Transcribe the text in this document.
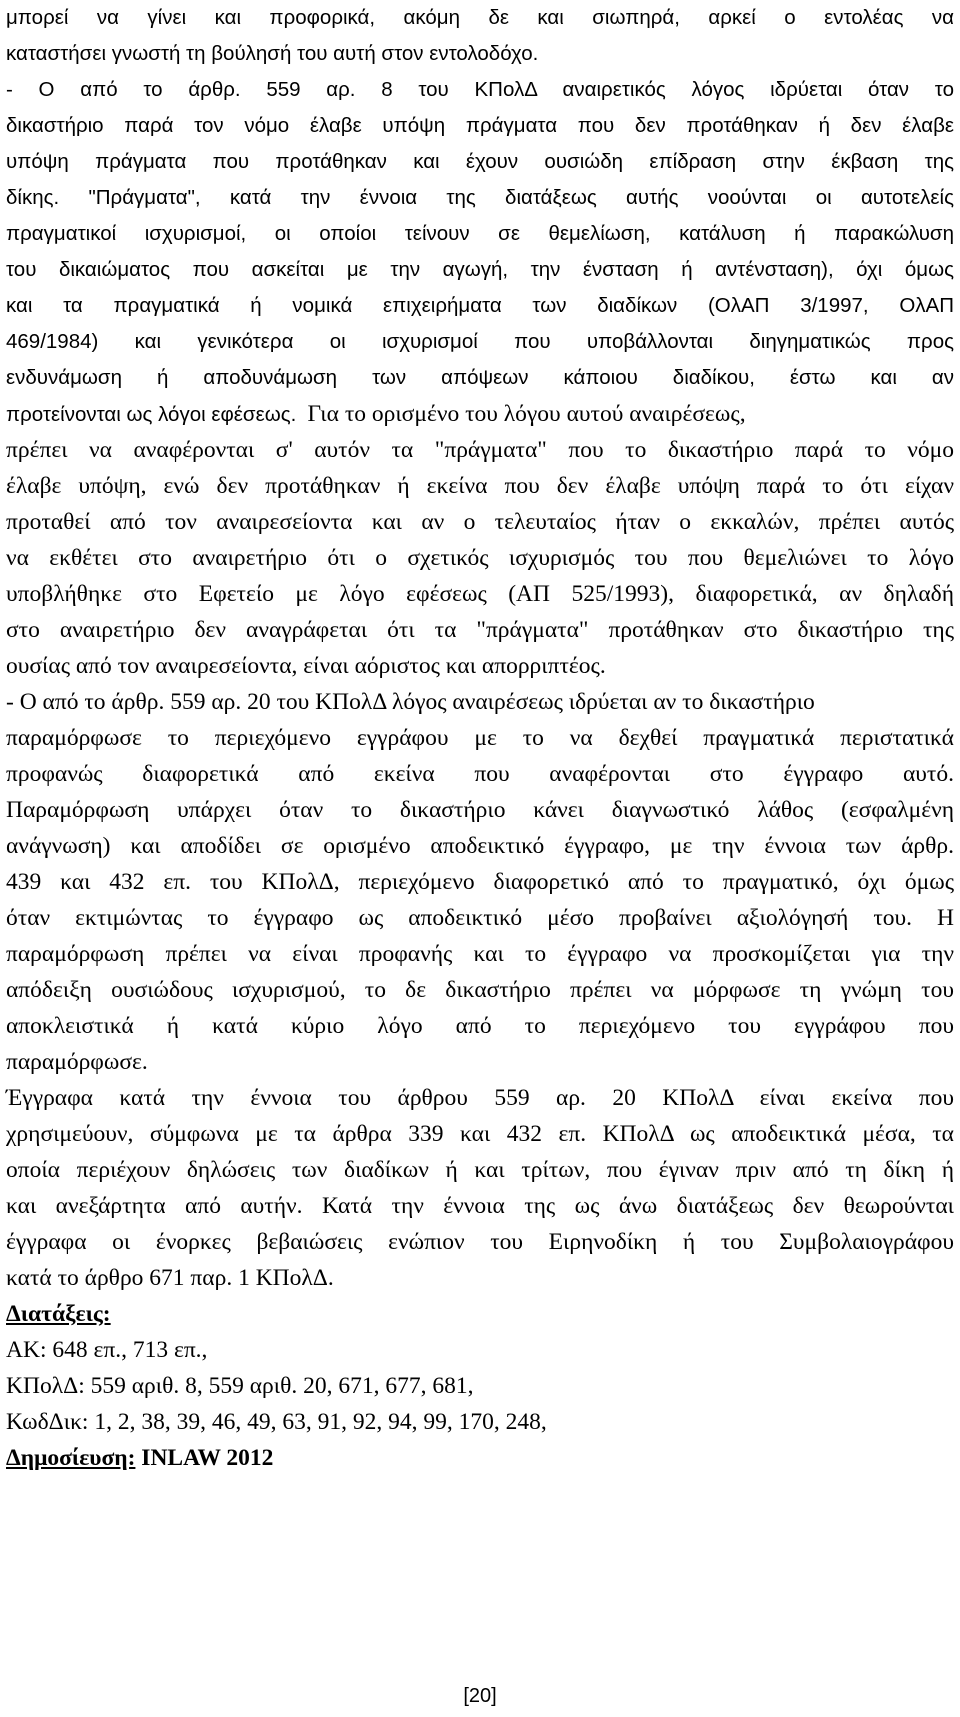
μπορεί να γίνει και προφορικά, ακόμη δε και σιωπηρά, αρκεί ο εντολέας να
καταστήσει γνωστή τη βούλησή του αυτή στον εντολοδόχο.
- Ο από το άρθρ. 559 αρ. 8 του ΚΠολΔ αναιρετικός λόγος ιδρύεται όταν το
δικαστήριο παρά τον νόμο έλαβε υπόψη πράγματα που δεν προτάθηκαν ή δεν έλαβε
υπόψη πράγματα που προτάθηκαν και έχουν ουσιώδη επίδραση στην έκβαση της
δίκης. "Πράγματα", κατά την έννοια της διατάξεως αυτής νοούνται οι αυτοτελείς
πραγματικοί ισχυρισμοί, οι οποίοι τείνουν σε θεμελίωση, κατάλυση ή παρακώλυση
του δικαιώματος που ασκείται με την αγωγή, την ένσταση ή αντένσταση), όχι όμως
και τα πραγματικά ή νομικά επιχειρήματα των διαδίκων (ΟλΑΠ 3/1997, ΟλΑΠ
469/1984) και γενικότερα οι ισχυρισμοί που υποβάλλονται διηγηματικώς προς
ενδυνάμωση ή αποδυνάμωση των απόψεων κάποιου διαδίκου, έστω και αν
προτείνονται ως λόγοι εφέσεως. Για το ορισμένο του λόγου αυτού αναιρέσεως,
πρέπει να αναφέρονται σ' αυτόν τα "πράγματα" που το δικαστήριο παρά το νόμο
έλαβε υπόψη, ενώ δεν προτάθηκαν ή εκείνα που δεν έλαβε υπόψη παρά το ότι είχαν
προταθεί από τον αναιρεσείοντα και αν ο τελευταίος ήταν ο εκκαλών, πρέπει αυτός
να εκθέτει στο αναιρετήριο ότι ο σχετικός ισχυρισμός του που θεμελιώνει το λόγο
υποβλήθηκε στο Εφετείο με λόγο εφέσεως (ΑΠ 525/1993), διαφορετικά, αν δηλαδή
στο αναιρετήριο δεν αναγράφεται ότι τα "πράγματα" προτάθηκαν στο δικαστήριο της
ουσίας από τον αναιρεσείοντα, είναι αόριστος και απορριπτέος.
- Ο από το άρθρ. 559 αρ. 20 του ΚΠολΔ λόγος αναιρέσεως ιδρύεται αν το δικαστήριο
παραμόρφωσε το περιεχόμενο εγγράφου με το να δεχθεί πραγματικά περιστατικά
προφανώς διαφορετικά από εκείνα που αναφέρονται στο έγγραφο αυτό.
Παραμόρφωση υπάρχει όταν το δικαστήριο κάνει διαγνωστικό λάθος (εσφαλμένη
ανάγνωση) και αποδίδει σε ορισμένο αποδεικτικό έγγραφο, με την έννοια των άρθρ.
439 και 432 επ. του ΚΠολΔ, περιεχόμενο διαφορετικό από το πραγματικό, όχι όμως
όταν εκτιμώντας το έγγραφο ως αποδεικτικό μέσο προβαίνει αξιολόγησή του. Η
παραμόρφωση πρέπει να είναι προφανής και το έγγραφο να προσκομίζεται για την
απόδειξη ουσιώδους ισχυρισμού, το δε δικαστήριο πρέπει να μόρφωσε τη γνώμη του
αποκλειστικά ή κατά κύριο λόγο από το περιεχόμενο του εγγράφου που
παραμόρφωσε.
Έγγραφα κατά την έννοια του άρθρου 559 αρ. 20 ΚΠολΔ είναι εκείνα που
χρησιμεύουν, σύμφωνα με τα άρθρα 339 και 432 επ. ΚΠολΔ ως αποδεικτικά μέσα, τα
οποία περιέχουν δηλώσεις των διαδίκων ή και τρίτων, που έγιναν πριν από τη δίκη ή
και ανεξάρτητα από αυτήν. Κατά την έννοια της ως άνω διατάξεως δεν θεωρούνται
έγγραφα οι ένορκες βεβαιώσεις ενώπιον του Ειρηνοδίκη ή του Συμβολαιογράφου
κατά το άρθρο 671 παρ. 1 ΚΠολΔ.
Διατάξεις:
ΑΚ: 648 επ., 713 επ.,
ΚΠολΔ: 559 αριθ. 8, 559 αριθ. 20, 671, 677, 681,
ΚωδΔικ: 1, 2, 38, 39, 46, 49, 63, 91, 92, 94, 99, 170, 248,
Δημοσίευση: INLAW 2012
[20]
